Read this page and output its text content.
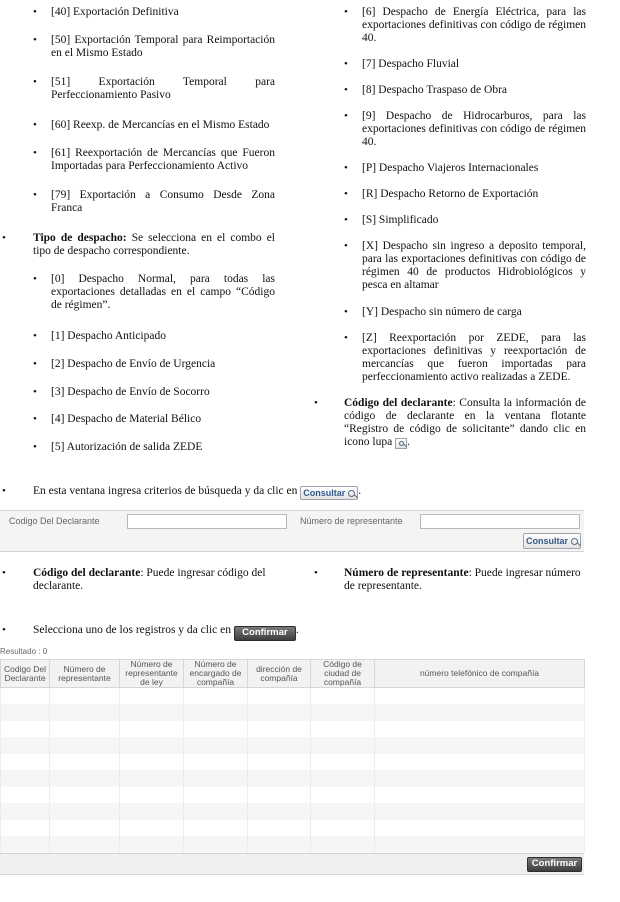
• [40] Exportación Definitiva
• [50] Exportación Temporal para Reimportación en el Mismo Estado
• [51] Exportación Temporal para Perfeccionamiento Pasivo
• [60] Reexp. de Mercancías en el Mismo Estado
• [61] Reexportación de Mercancías que Fueron Importadas para Perfeccionamiento Activo
• [79] Exportación a Consumo Desde Zona Franca
• Tipo de despacho: Se selecciona en el combo el tipo de despacho correspondiente.
• [0] Despacho Normal, para todas las exportaciones detalladas en el campo “Código de régimen”.
• [1] Despacho Anticipado
• [2] Despacho de Envío de Urgencia
• [3] Despacho de Envío de Socorro
• [4] Despacho de Material Bélico
• [5] Autorización de salida ZEDE
• [6] Despacho de Energía Eléctrica, para las exportaciones definitivas con código de régimen 40.
• [7] Despacho Fluvial
• [8] Despacho Traspaso de Obra
• [9] Despacho de Hidrocarburos, para las exportaciones definitivas con código de régimen 40.
• [P] Despacho Viajeros Internacionales
• [R] Despacho Retorno de Exportación
• [S] Simplificado
• [X] Despacho sin ingreso a deposito temporal, para las exportaciones definitivas con código de régimen 40 de productos Hidrobiológicos y pesca en altamar
• [Y] Despacho sin número de carga
• [Z] Reexportación por ZEDE, para las exportaciones definitivas y reexportación de mercancías que fueron importadas para perfeccionamiento activo realizadas a ZEDE.
• Código del declarante: Consulta la información de código de declarante en la ventana flotante “Registro de código de solicitante” dando clic en icono lupa .
• En esta ventana ingresa criterios de búsqueda y da clic en Consultar .
Codigo Del Declarante	Número de representante
Consultar
• Código del declarante: Puede ingresar código del declarante.
• Número de representante: Puede ingresar número de representante.
• Selecciona uno de los registros y da clic en Confirmar .
Resultado : 0
Codigo Del Declarante	Número de representante	Número de representante de ley	Número de encargado de compañía	dirección de compañía	Código de ciudad de compañía	número telefónico de compañía

Confirmar
